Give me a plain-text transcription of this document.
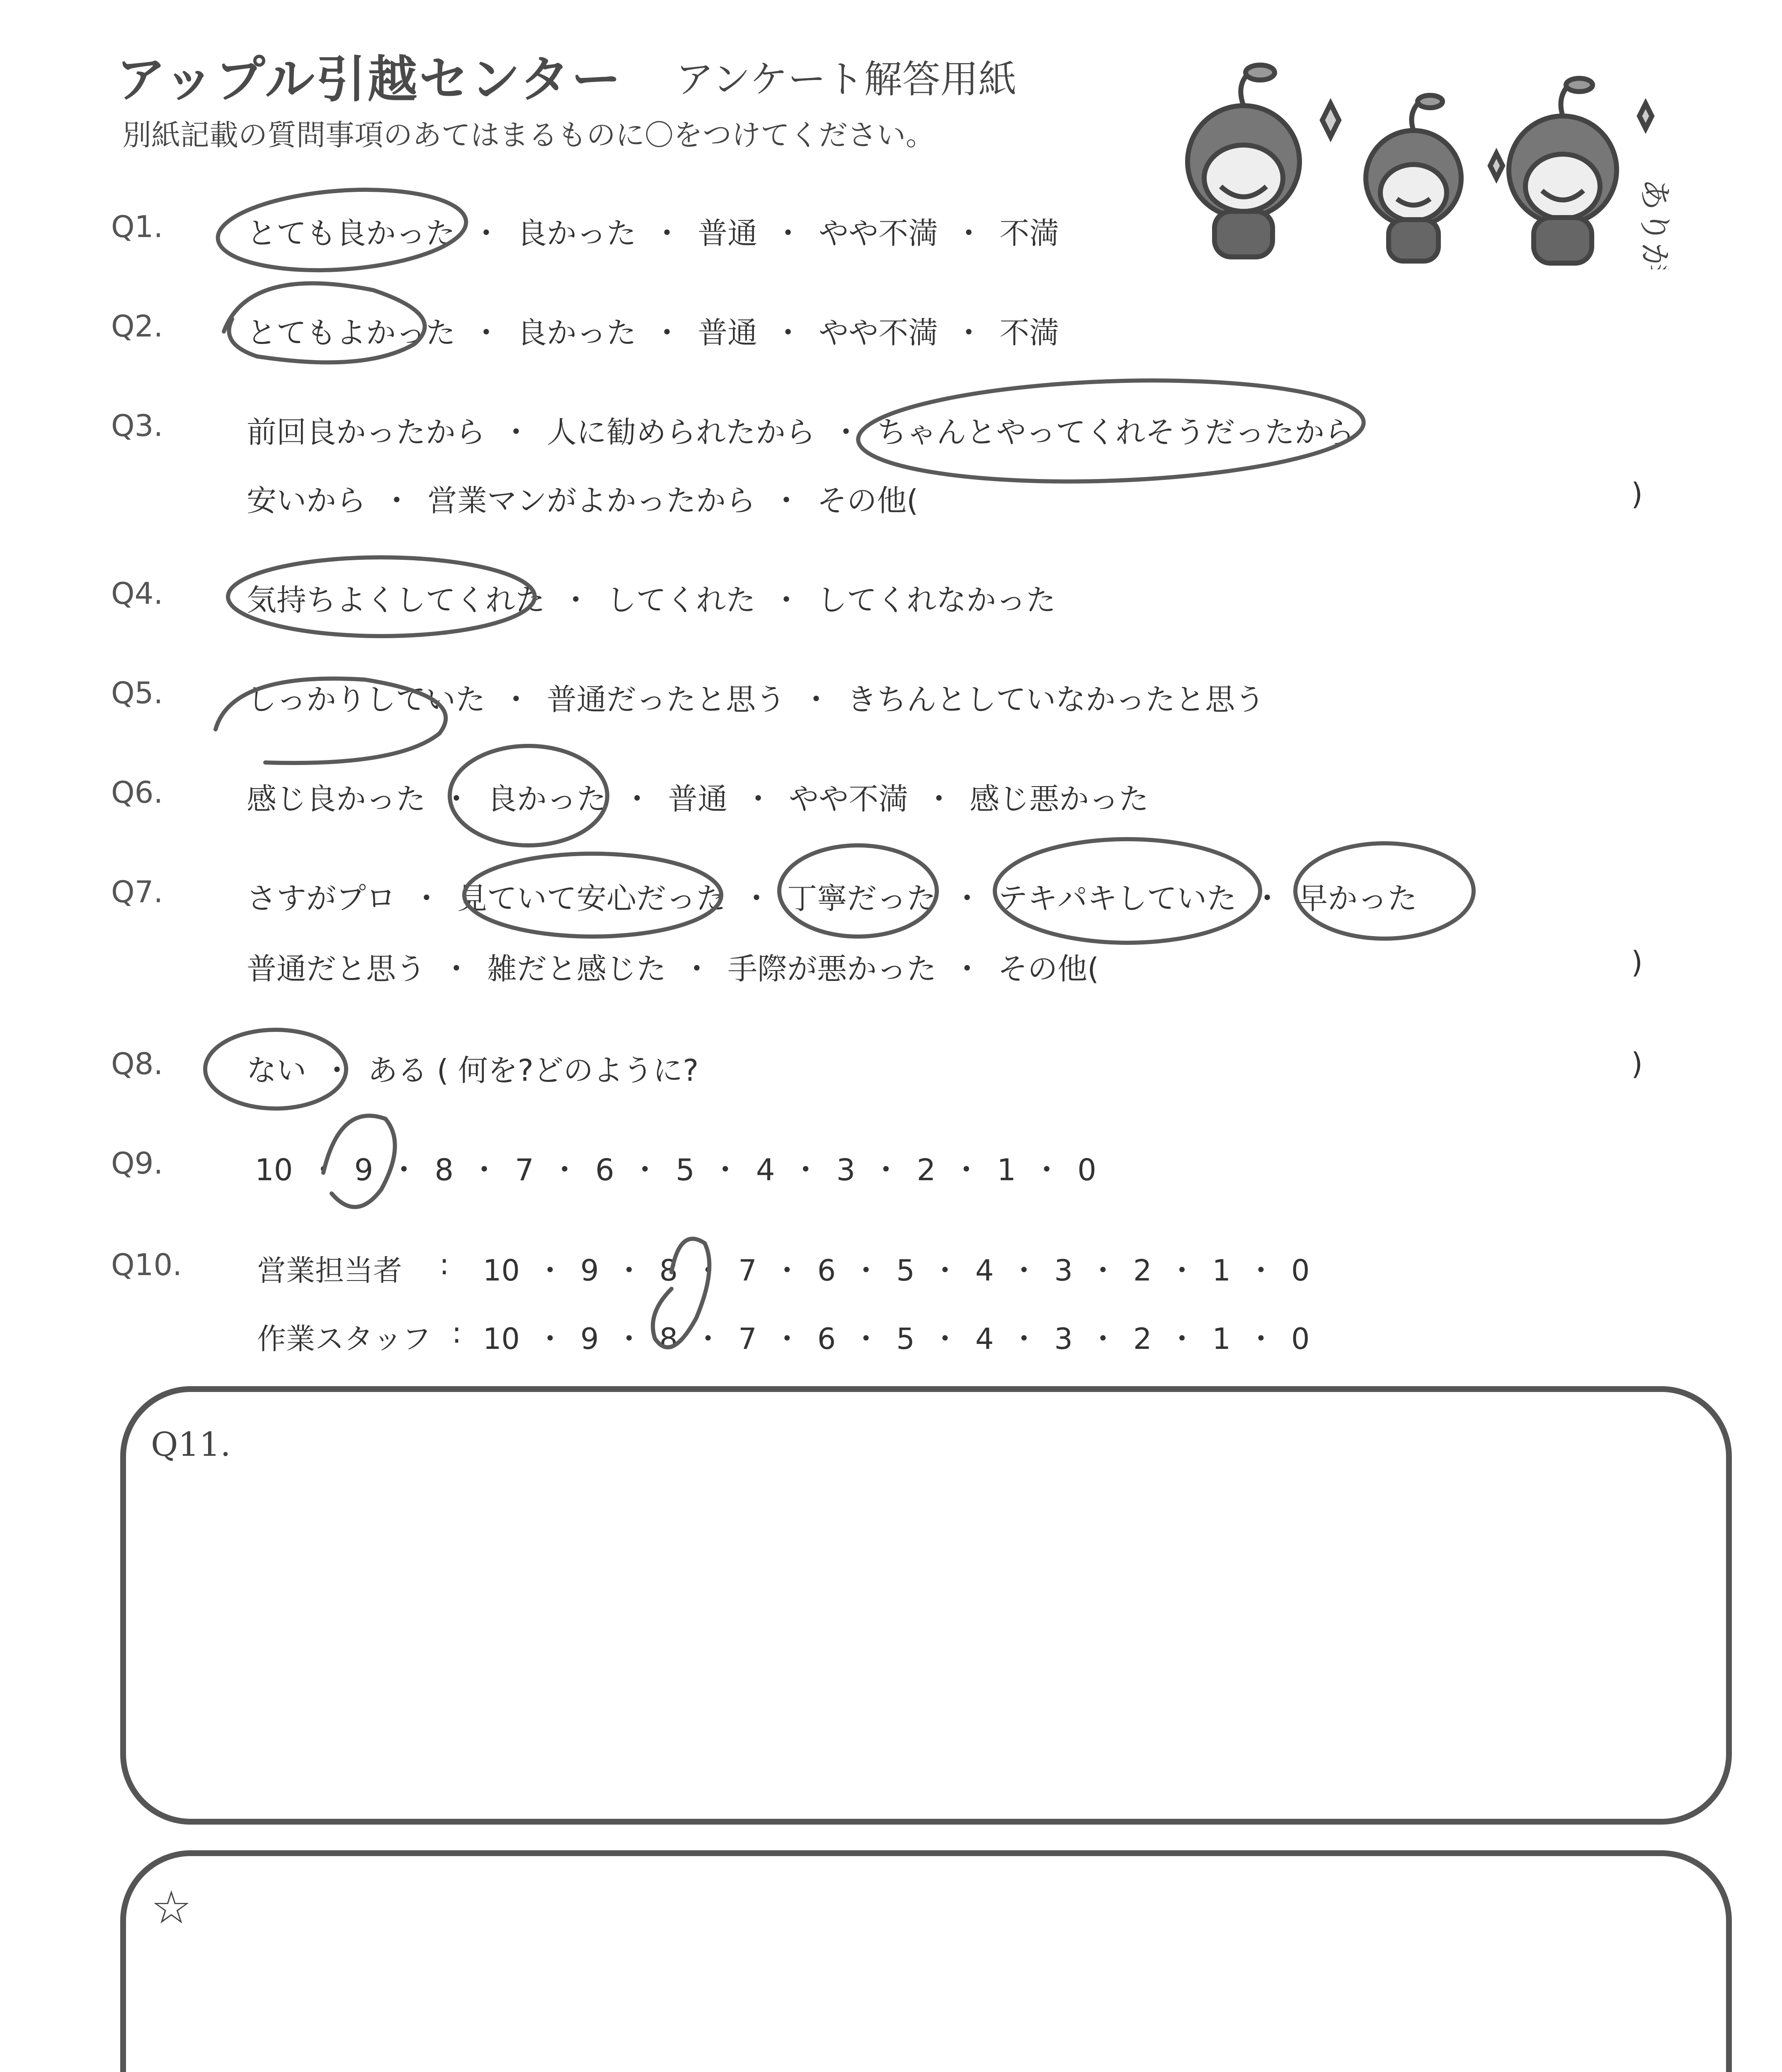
アップル引越センター アンケート解答用紙
別紙記載の質問事項のあてはまるものに〇をつけてください。
ありがとう
Q1.	とても良かった ・ 良かった ・ 普通 ・ やや不満 ・ 不満
Q2.	とてもよかった ・ 良かった ・ 普通 ・ やや不満 ・ 不満
Q3.	前回良かったから ・ 人に勧められたから ・ ちゃんとやってくれそうだったから
安いから ・ 営業マンがよかったから ・ その他(	)
Q4.	気持ちよくしてくれた ・ してくれた ・ してくれなかった
Q5.	しっかりしていた ・ 普通だったと思う ・ きちんとしていなかったと思う
Q6.	感じ良かった ・ 良かった ・ 普通 ・ やや不満 ・ 感じ悪かった
Q7.	さすがプロ ・ 見ていて安心だった ・ 丁寧だった ・ テキパキしていた ・ 早かった
普通だと思う ・ 雑だと感じた ・ 手際が悪かった ・ その他(	)
Q8.	ない ・ ある ( 何を?どのように?	)
Q9.	10 ・ 9 ・ 8 ・ 7 ・ 6 ・ 5 ・ 4 ・ 3 ・ 2 ・ 1 ・ 0
Q10.	営業担当者 : 10 ・ 9 ・ 8 ・ 7 ・ 6 ・ 5 ・ 4 ・ 3 ・ 2 ・ 1 ・ 0
作業スタッフ : 10 ・ 9 ・ 8 ・ 7 ・ 6 ・ 5 ・ 4 ・ 3 ・ 2 ・ 1 ・ 0
Q11.
☆
